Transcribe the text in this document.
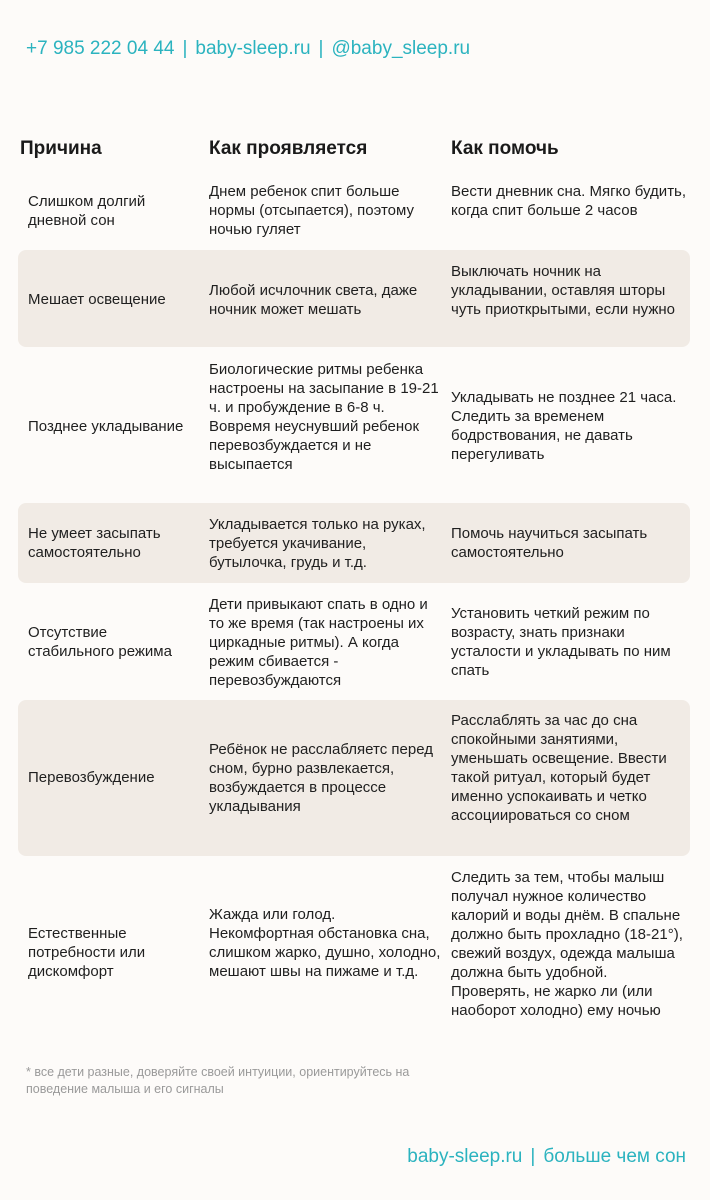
+7 985 222 04 44 | baby-sleep.ru | @baby_sleep.ru
Причина	Как проявляется	Как помочь
Слишком долгий дневной сон
Днем ребенок спит больше нормы (отсыпается), поэтому ночью гуляет
Вести дневник сна. Мягко будить, когда спит больше 2 часов
Мешает освещение
Любой исчлочник света, даже ночник может мешать
Выключать ночник на укладывании, оставляя шторы чуть приоткрытыми, если нужно
Позднее укладывание
Биологические ритмы ребенка настроены на засыпание в 19-21 ч. и пробуждение в 6-8 ч. Вовремя неуснувший ребенок перевозбуждается и не высыпается
Укладывать не позднее 21 часа. Следить за временем бодрствования, не давать перегуливать
Не умеет засыпать самостоятельно
Укладывается только на руках, требуется укачивание, бутылочка, грудь и т.д.
Помочь научиться засыпать самостоятельно
Отсутствие стабильного режима
Дети привыкают спать в одно и то же время (так настроены их циркадные ритмы). А когда режим сбивается - перевозбуждаются
Установить четкий режим по возрасту, знать признаки усталости и укладывать по ним спать
Перевозбуждение
Ребёнок не расслабляетс перед сном, бурно развлекается, возбуждается в процессе укладывания
Расслаблять за час до сна спокойными занятиями, уменьшать освещение. Ввести такой ритуал, который будет именно успокаивать и четко ассоциироваться со сном
Естественные потребности или дискомфорт
Жажда или голод. Некомфортная обстановка сна, слишком жарко, душно, холодно, мешают швы на пижаме и т.д.
Следить за тем, чтобы малыш получал нужное количество калорий и воды днём. В спальне должно быть прохладно (18-21°), свежий воздух, одежда малыша должна быть удобной. Проверять, не жарко ли (или наоборот холодно) ему ночью
* все дети разные, доверяйте своей интуиции, ориентируйтесь на поведение малыша и его сигналы
baby-sleep.ru | больше чем сон
